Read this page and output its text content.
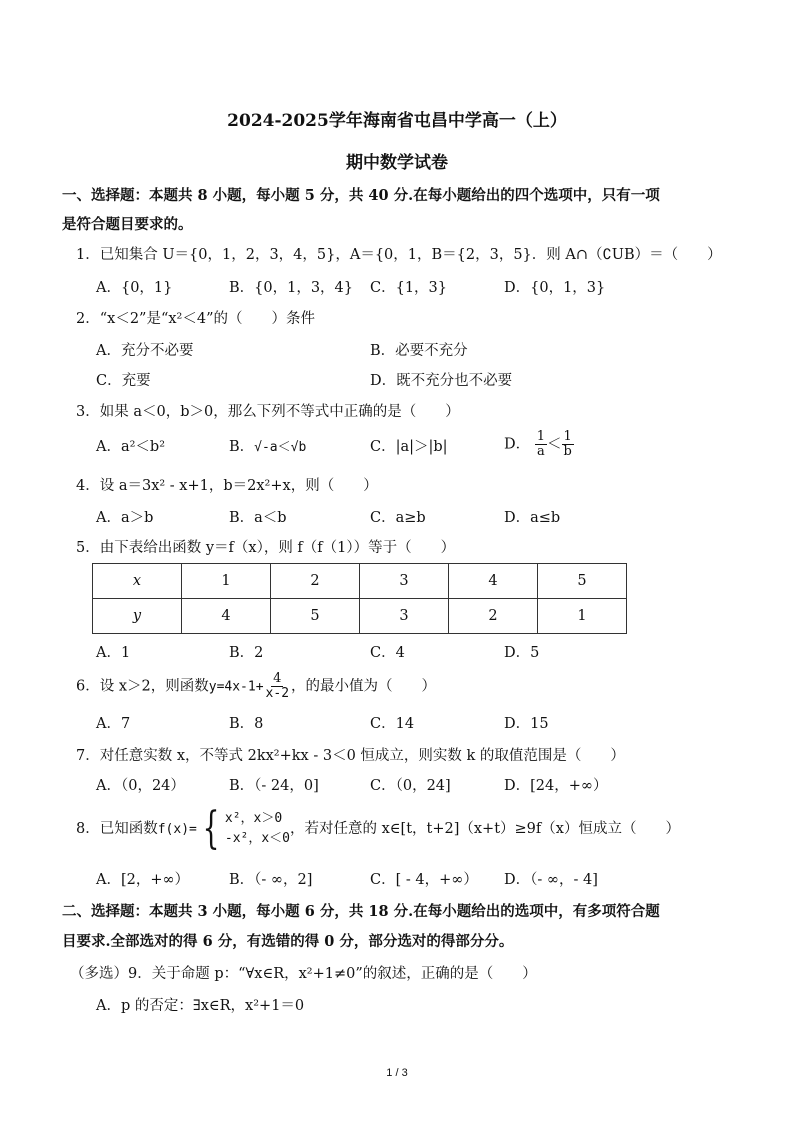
2024-2025学年海南省屯昌中学高一（上）
期中数学试卷
一、选择题：本题共 8 小题，每小题 5 分，共 40 分.在每小题给出的四个选项中，只有一项
是符合题目要求的。
1．已知集合 U＝{0，1，2，3，4，5}，A＝{0，1，B＝{2，3，5}．则 A∩（∁UB）＝（　　）
A．{0，1}	B．{0，1，3，4} C．{1，3}	D．{0，1，3}
2．“x＜2”是“x²＜4”的（　　）条件
A．充分不必要	B．必要不充分
C．充要	D．既不充分也不必要
3．如果 a＜0，b＞0，那么下列不等式中正确的是（　　）
A．a²＜b²	B．√-a＜√b	C．|a|＞|b|	D． $\frac{1}{a} < \frac{1}{b}$
4．设 a＝3x² - x+1，b＝2x²+x，则（　　）
A．a＞b	B．a＜b	C．a≥b	D．a≤b
5．由下表给出函数 y＝f（x），则 f（f（1））等于（　　）
x	1	2	3	4	5
y	4	5	3	2	1
A．1	B．2	C．4	D．5
6．设 x＞2，则函数$y=4x-1+ \frac{4}{x-2}$ ，的最小值为（　　）
A．7	B．8	C．14	D．15
7．对任意实数 x，不等式 2kx²+kx - 3＜0 恒成立，则实数 k 的取值范围是（　　）
A．（0，24）	B．（- 24，0]	C．（0，24]	D．[24，+∞）
8．已知函数f(x)= { x²，x＞0
-x²，x＜0
，若对任意的 x∈[t，t+2]（x+t）≥9f（x）恒成立（　　）
A．[2，+∞）	B．（- ∞，2]	C．[ - 4，+∞） D．（- ∞，- 4]
二、选择题：本题共 3 小题，每小题 6 分，共 18 分.在每小题给出的选项中，有多项符合题
目要求.全部选对的得 6 分，有选错的得 0 分，部分选对的得部分分。
（多选）9．关于命题 p：“∀x∈R，x²+1≠0”的叙述，正确的是（　　）
A．p 的否定：∃x∈R，x²+1＝0
1 / 3
